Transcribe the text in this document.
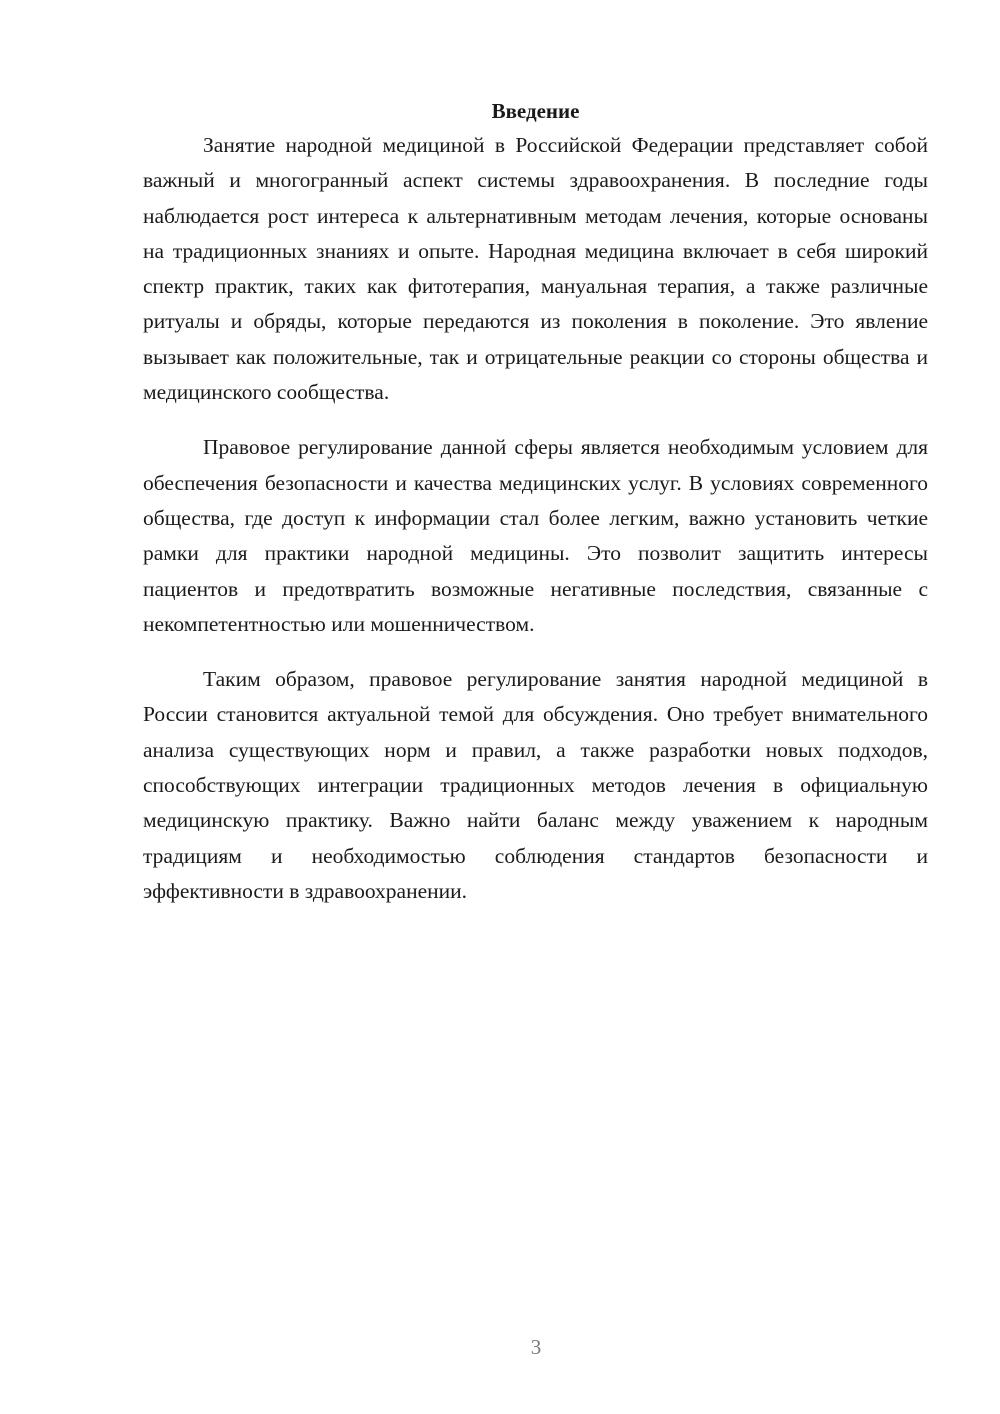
Введение

Занятие народной медициной в Российской Федерации представляет собой важный и многогранный аспект системы здравоохранения. В последние годы наблюдается рост интереса к альтернативным методам лечения, которые основаны на традиционных знаниях и опыте. Народная медицина включает в себя широкий спектр практик, таких как фитотерапия, мануальная терапия, а также различные ритуалы и обряды, которые передаются из поколения в поколение. Это явление вызывает как положительные, так и отрицательные реакции со стороны общества и медицинского сообщества.

Правовое регулирование данной сферы является необходимым условием для обеспечения безопасности и качества медицинских услуг. В условиях современного общества, где доступ к информации стал более легким, важно установить четкие рамки для практики народной медицины. Это позволит защитить интересы пациентов и предотвратить возможные негативные последствия, связанные с некомпетентностью или мошенничеством.

Таким образом, правовое регулирование занятия народной медициной в России становится актуальной темой для обсуждения. Оно требует внимательного анализа существующих норм и правил, а также разработки новых подходов, способствующих интеграции традиционных методов лечения в официальную медицинскую практику. Важно найти баланс между уважением к народным традициям и необходимостью соблюдения стандартов безопасности и эффективности в здравоохранении.

3
